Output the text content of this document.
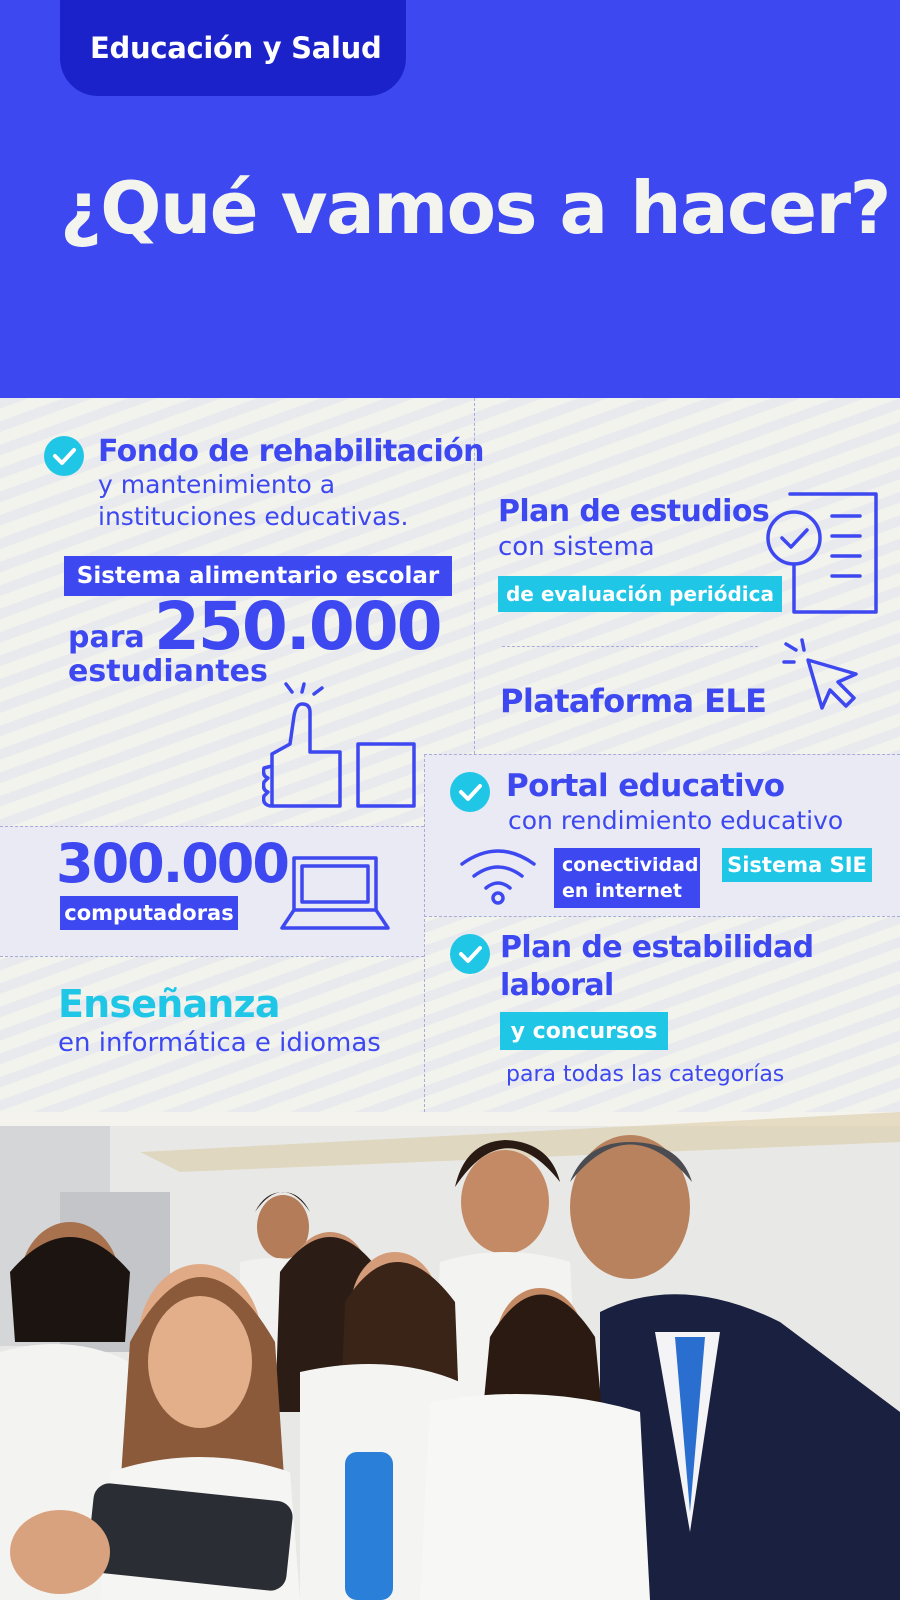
Educación y Salud
¿Qué vamos a hacer?
Fondo de rehabilitación
y mantenimiento a
instituciones educativas.
Sistema alimentario escolar
para 250.000
estudiantes
Plan de estudios
con sistema
de evaluación periódica
Plataforma ELE
Portal educativo
con rendimiento educativo
conectividad
en internet
Sistema SIE
300.000
computadoras
Plan de estabilidad
laboral
y concursos
para todas las categorías
Enseñanza
en informática e idiomas
